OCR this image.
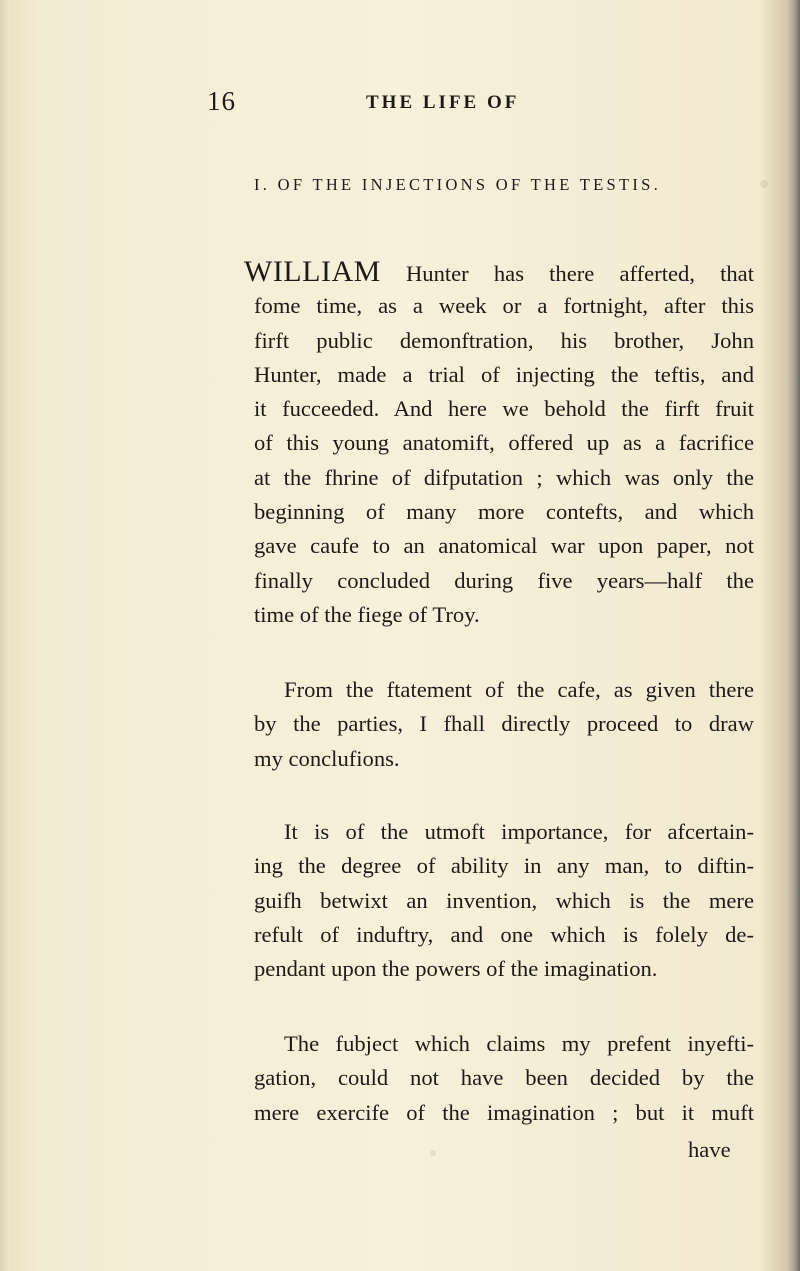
16	THE LIFE OF
I. OF THE INJECTIONS OF THE TESTIS.
WILLIAM Hunter has there afferted, that
fome time, as a week or a fortnight, after this
firft public demonftration, his brother, John
Hunter, made a trial of injecting the teftis, and
it fucceeded. And here we behold the firft fruit
of this young anatomift, offered up as a facrifice
at the fhrine of difputation ; which was only the
beginning of many more contefts, and which
gave caufe to an anatomical war upon paper, not
finally concluded during five years—half the
time of the fiege of Troy.
From the ftatement of the cafe, as given there
by the parties, I fhall directly proceed to draw
my conclufions.
It is of the utmoft importance, for afcertain-
ing the degree of ability in any man, to diftin-
guifh betwixt an invention, which is the mere
refult of induftry, and one which is folely de-
pendant upon the powers of the imagination.
The fubject which claims my prefent inyefti-
gation, could not have been decided by the
mere exercife of the imagination ; but it muft
have
